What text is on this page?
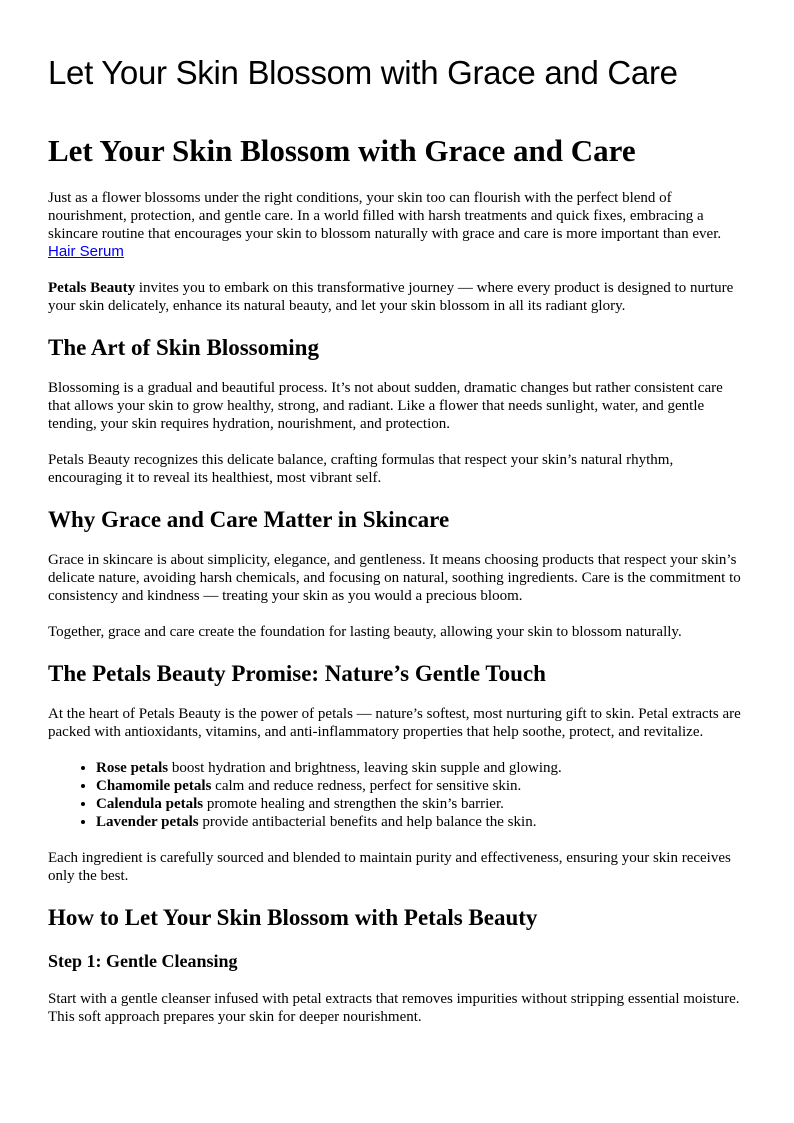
Let Your Skin Blossom with Grace and Care
Let Your Skin Blossom with Grace and Care

Just as a flower blossoms under the right conditions, your skin too can flourish with the perfect blend of nourishment, protection, and gentle care. In a world filled with harsh treatments and quick fixes, embracing a skincare routine that encourages your skin to blossom naturally with grace and care is more important than ever. Hair Serum

Petals Beauty invites you to embark on this transformative journey — where every product is designed to nurture your skin delicately, enhance its natural beauty, and let your skin blossom in all its radiant glory.

The Art of Skin Blossoming

Blossoming is a gradual and beautiful process. It’s not about sudden, dramatic changes but rather consistent care that allows your skin to grow healthy, strong, and radiant. Like a flower that needs sunlight, water, and gentle tending, your skin requires hydration, nourishment, and protection.

Petals Beauty recognizes this delicate balance, crafting formulas that respect your skin’s natural rhythm, encouraging it to reveal its healthiest, most vibrant self.

Why Grace and Care Matter in Skincare

Grace in skincare is about simplicity, elegance, and gentleness. It means choosing products that respect your skin’s delicate nature, avoiding harsh chemicals, and focusing on natural, soothing ingredients. Care is the commitment to consistency and kindness — treating your skin as you would a precious bloom.

Together, grace and care create the foundation for lasting beauty, allowing your skin to blossom naturally.

The Petals Beauty Promise: Nature’s Gentle Touch

At the heart of Petals Beauty is the power of petals — nature’s softest, most nurturing gift to skin. Petal extracts are packed with antioxidants, vitamins, and anti-inflammatory properties that help soothe, protect, and revitalize.

• Rose petals boost hydration and brightness, leaving skin supple and glowing.
• Chamomile petals calm and reduce redness, perfect for sensitive skin.
• Calendula petals promote healing and strengthen the skin’s barrier.
• Lavender petals provide antibacterial benefits and help balance the skin.

Each ingredient is carefully sourced and blended to maintain purity and effectiveness, ensuring your skin receives only the best.

How to Let Your Skin Blossom with Petals Beauty
Step 1: Gentle Cleansing

Start with a gentle cleanser infused with petal extracts that removes impurities without stripping essential moisture. This soft approach prepares your skin for deeper nourishment.
